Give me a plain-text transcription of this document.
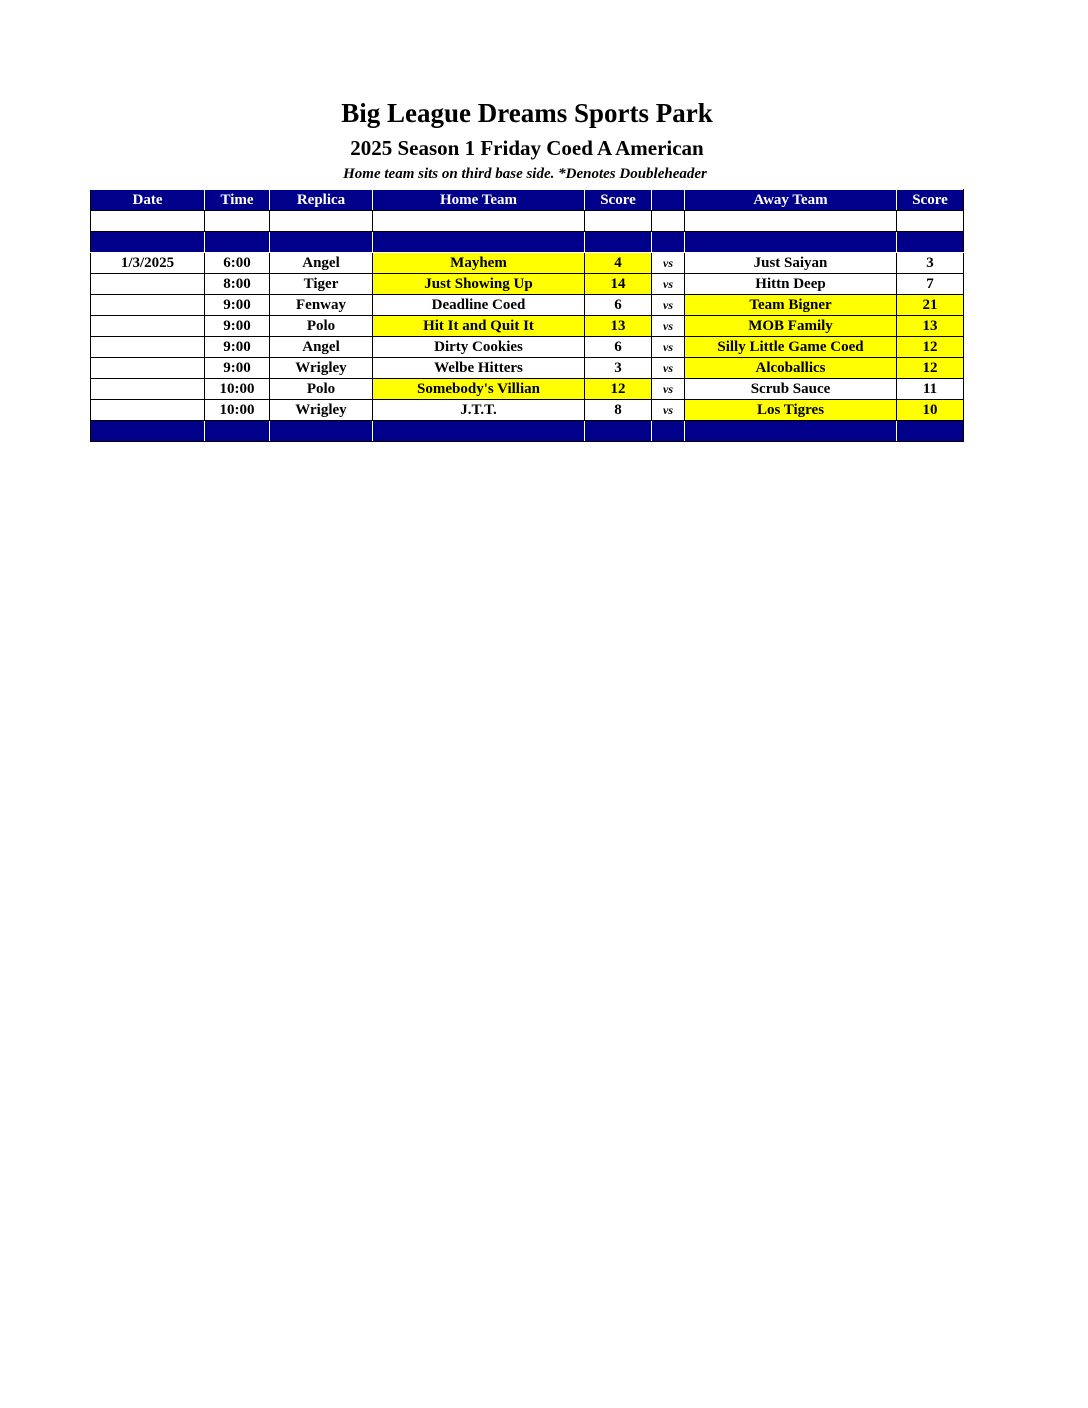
Big League Dreams Sports Park
2025 Season 1 Friday Coed A American
Home team sits on third base side. *Denotes Doubleheader
Date	Time	Replica	Home Team	Score		Away Team	Score

1/3/2025	6:00	Angel	Mayhem	4	vs	Just Saiyan	3
	8:00	Tiger	Just Showing Up	14	vs	Hittn Deep	7
	9:00	Fenway	Deadline Coed	6	vs	Team Bigner	21
	9:00	Polo	Hit It and Quit It	13	vs	MOB Family	13
	9:00	Angel	Dirty Cookies	6	vs	Silly Little Game Coed	12
	9:00	Wrigley	Welbe Hitters	3	vs	Alcoballics	12
	10:00	Polo	Somebody's Villian	12	vs	Scrub Sauce	11
	10:00	Wrigley	J.T.T.	8	vs	Los Tigres	10
